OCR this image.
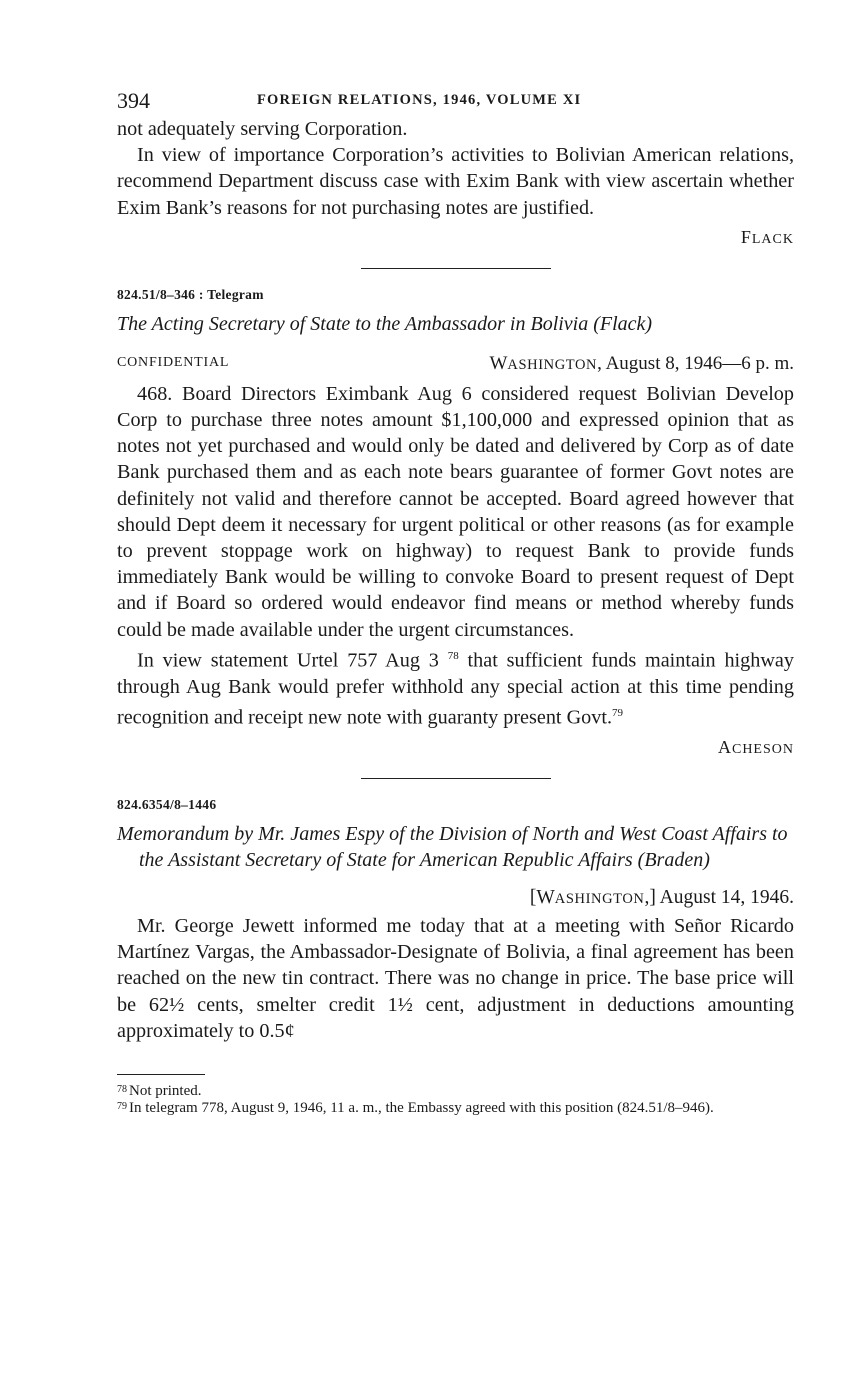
394	FOREIGN RELATIONS, 1946, VOLUME XI

not adequately serving Corporation.

In view of importance Corporation’s activities to Bolivian American relations, recommend Department discuss case with Exim Bank with view ascertain whether Exim Bank’s reasons for not purchasing notes are justified.

FLACK

824.51/8–346 : Telegram

The Acting Secretary of State to the Ambassador in Bolivia (Flack)

CONFIDENTIAL	WASHINGTON, August 8, 1946—6 p. m.

468. Board Directors Eximbank Aug 6 considered request Bolivian Develop Corp to purchase three notes amount $1,100,000 and expressed opinion that as notes not yet purchased and would only be dated and delivered by Corp as of date Bank purchased them and as each note bears guarantee of former Govt notes are definitely not valid and therefore cannot be accepted. Board agreed however that should Dept deem it necessary for urgent political or other reasons (as for example to prevent stoppage work on highway) to request Bank to provide funds immediately Bank would be willing to convoke Board to present request of Dept and if Board so ordered would endeavor find means or method whereby funds could be made available under the urgent circumstances.

In view statement Urtel 757 Aug 3 $^{78}$ that sufficient funds maintain highway through Aug Bank would prefer withhold any special action at this time pending recognition and receipt new note with guaranty present Govt.$^{79}$

ACHESON

824.6354/8–1446

Memorandum by Mr. James Espy of the Division of North and West Coast Affairs to the Assistant Secretary of State for American Republic Affairs (Braden)

[WASHINGTON,] August 14, 1946.

Mr. George Jewett informed me today that at a meeting with Señor Ricardo Martínez Vargas, the Ambassador-Designate of Bolivia, a final agreement has been reached on the new tin contract. There was no change in price. The base price will be 62½ cents, smelter credit 1½ cent, adjustment in deductions amounting approximately to 0.5¢

$^{78}$ Not printed.

$^{79}$ In telegram 778, August 9, 1946, 11 a. m., the Embassy agreed with this position (824.51/8–946).
